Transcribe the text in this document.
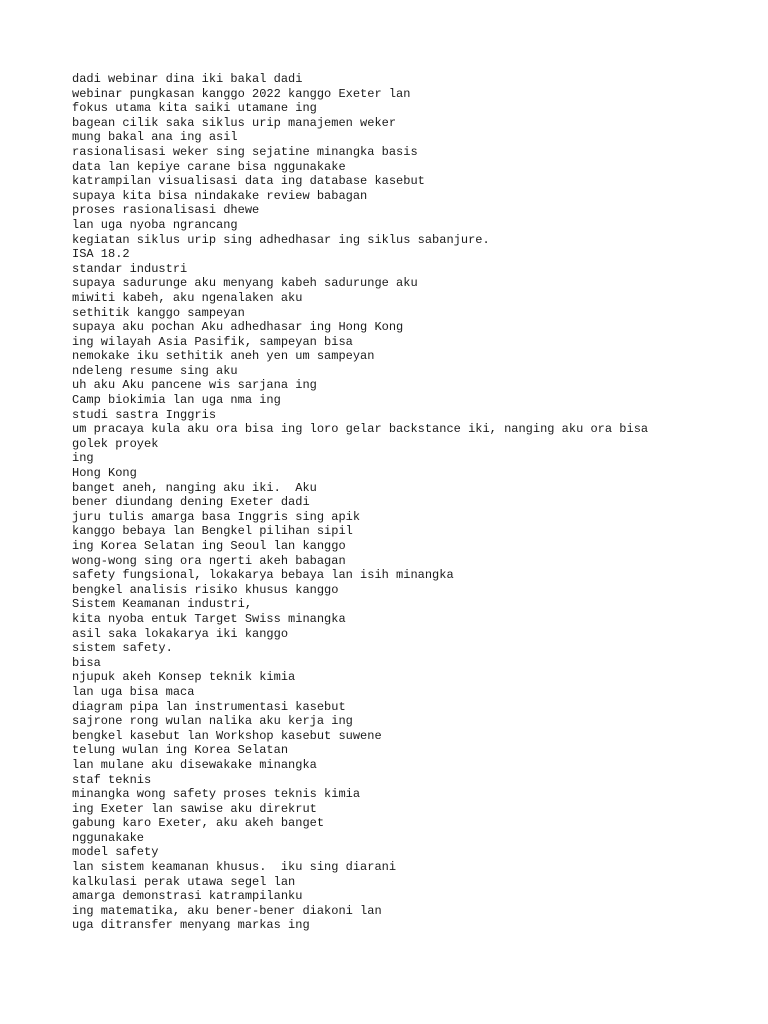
dadi webinar dina iki bakal dadi
webinar pungkasan kanggo 2022 kanggo Exeter lan
fokus utama kita saiki utamane ing
bagean cilik saka siklus urip manajemen weker
mung bakal ana ing asil
rasionalisasi weker sing sejatine minangka basis
data lan kepiye carane bisa nggunakake
katrampilan visualisasi data ing database kasebut
supaya kita bisa nindakake review babagan
proses rasionalisasi dhewe
lan uga nyoba ngrancang
kegiatan siklus urip sing adhedhasar ing siklus sabanjure.
ISA 18.2
standar industri
supaya sadurunge aku menyang kabeh sadurunge aku
miwiti kabeh, aku ngenalaken aku
sethitik kanggo sampeyan
supaya aku pochan Aku adhedhasar ing Hong Kong
ing wilayah Asia Pasifik, sampeyan bisa
nemokake iku sethitik aneh yen um sampeyan
ndeleng resume sing aku
uh aku Aku pancene wis sarjana ing
Camp biokimia lan uga nma ing
studi sastra Inggris
um pracaya kula aku ora bisa ing loro gelar backstance iki, nanging aku ora bisa
golek proyek
ing
Hong Kong
banget aneh, nanging aku iki.  Aku
bener diundang dening Exeter dadi
juru tulis amarga basa Inggris sing apik
kanggo bebaya lan Bengkel pilihan sipil
ing Korea Selatan ing Seoul lan kanggo
wong-wong sing ora ngerti akeh babagan
safety fungsional, lokakarya bebaya lan isih minangka
bengkel analisis risiko khusus kanggo
Sistem Keamanan industri,
kita nyoba entuk Target Swiss minangka
asil saka lokakarya iki kanggo
sistem safety.
bisa
njupuk akeh Konsep teknik kimia
lan uga bisa maca
diagram pipa lan instrumentasi kasebut
sajrone rong wulan nalika aku kerja ing
bengkel kasebut lan Workshop kasebut suwene
telung wulan ing Korea Selatan
lan mulane aku disewakake minangka
staf teknis
minangka wong safety proses teknis kimia
ing Exeter lan sawise aku direkrut
gabung karo Exeter, aku akeh banget
nggunakake
model safety
lan sistem keamanan khusus.  iku sing diarani
kalkulasi perak utawa segel lan
amarga demonstrasi katrampilanku
ing matematika, aku bener-bener diakoni lan
uga ditransfer menyang markas ing
